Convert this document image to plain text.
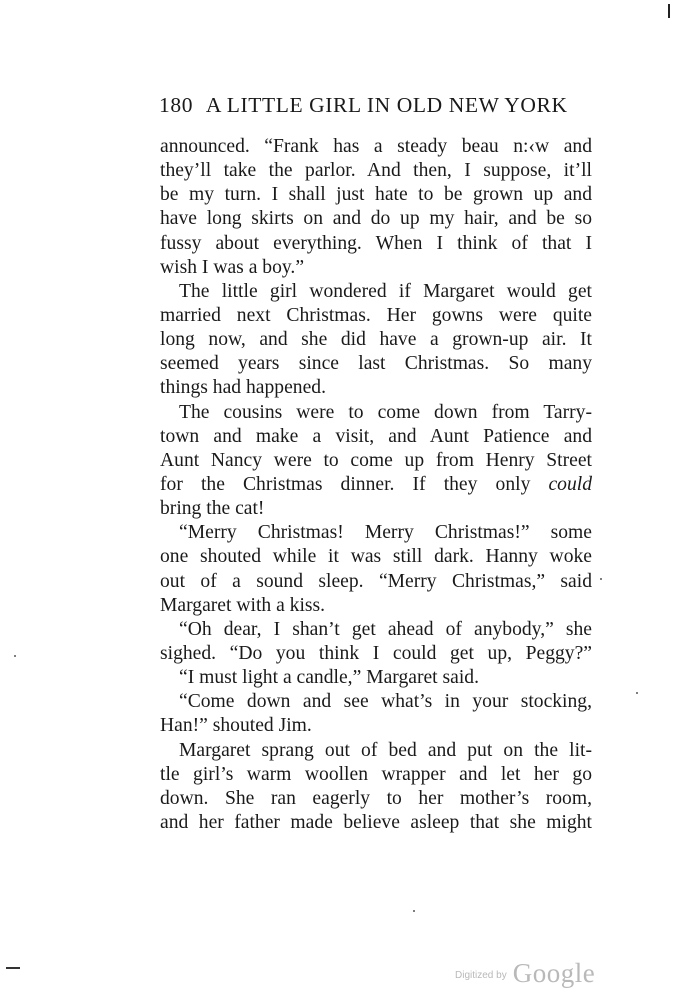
180 A LITTLE GIRL IN OLD NEW YORK
announced. “Frank has a steady beau n:‹w and
they’ll take the parlor. And then, I suppose, it’ll
be my turn. I shall just hate to be grown up and
have long skirts on and do up my hair, and be so
fussy about everything. When I think of that I
wish I was a boy.”
The little girl wondered if Margaret would get
married next Christmas. Her gowns were quite
long now, and she did have a grown-up air. It
seemed years since last Christmas. So many
things had happened.
The cousins were to come down from Tarry-
town and make a visit, and Aunt Patience and
Aunt Nancy were to come up from Henry Street
for the Christmas dinner. If they only could
bring the cat!
“Merry Christmas! Merry Christmas!” some
one shouted while it was still dark. Hanny woke
out of a sound sleep. “Merry Christmas,” said
Margaret with a kiss.
“Oh dear, I shan’t get ahead of anybody,” she
sighed. “Do you think I could get up, Peggy?”
“I must light a candle,” Margaret said.
“Come down and see what’s in your stocking,
Han!” shouted Jim.
Margaret sprang out of bed and put on the lit-
tle girl’s warm woollen wrapper and let her go
down. She ran eagerly to her mother’s room,
and her father made believe asleep that she might
$^{Digitized by}$ Google
